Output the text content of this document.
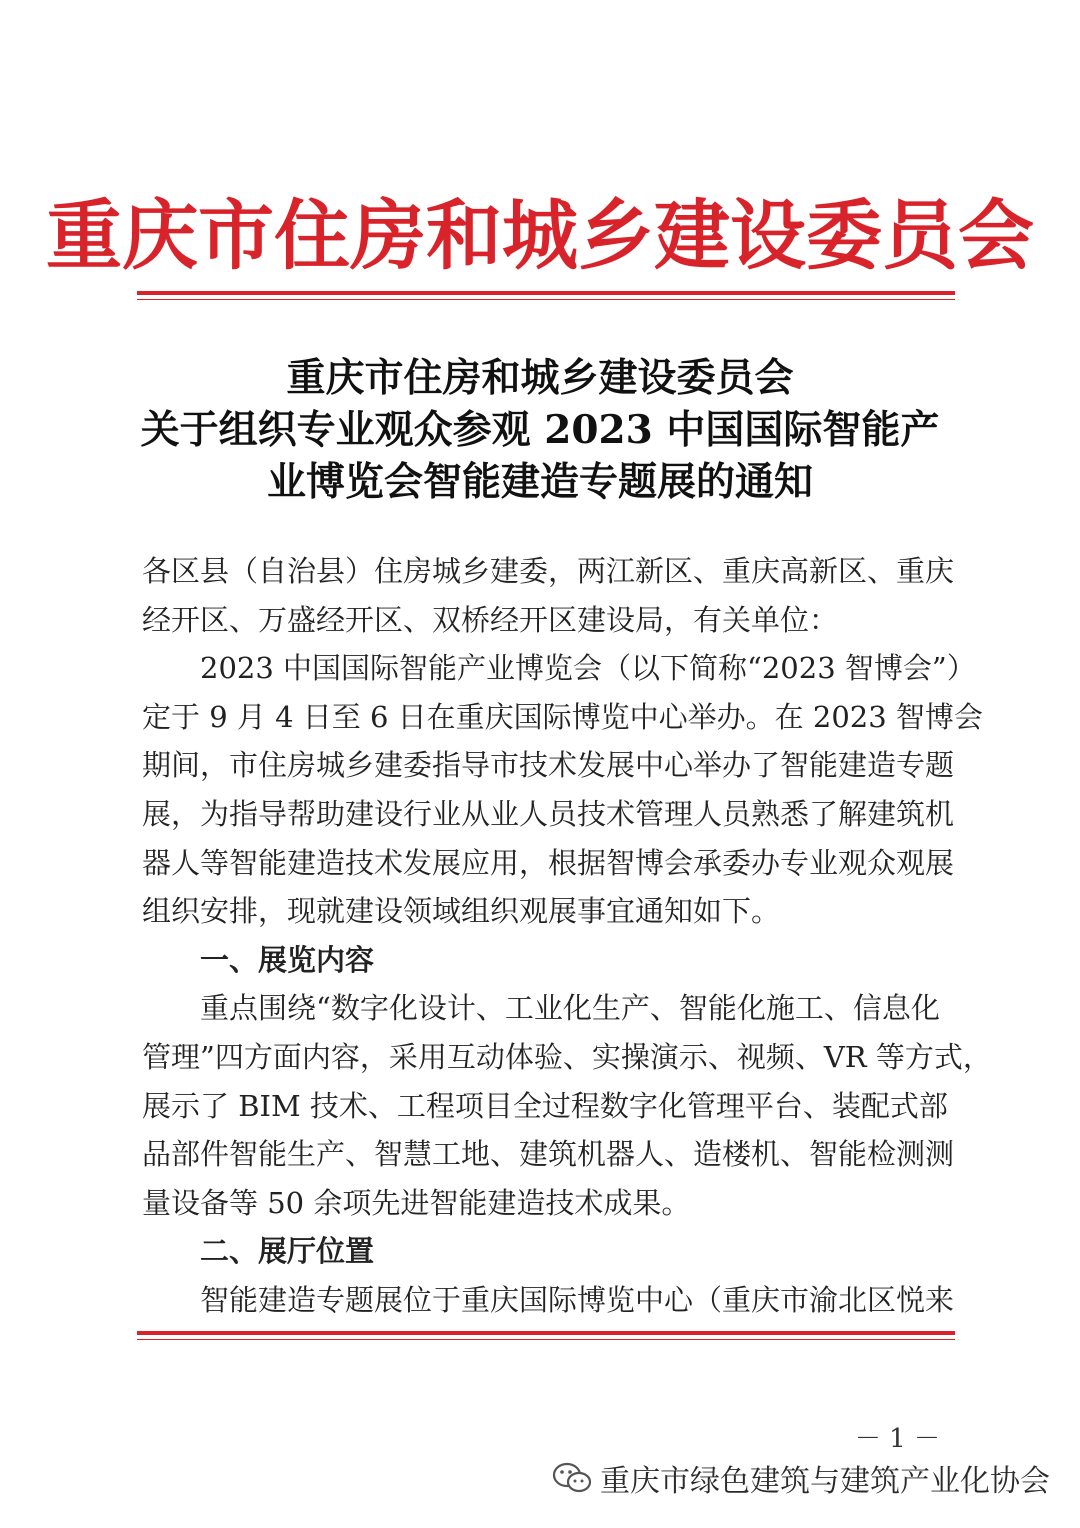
重庆市住房和城乡建设委员会
重庆市住房和城乡建设委员会
关于组织专业观众参观 2023 中国国际智能产
业博览会智能建造专题展的通知
各区县（自治县）住房城乡建委，两江新区、重庆高新区、重庆
经开区、万盛经开区、双桥经开区建设局，有关单位：
2023 中国国际智能产业博览会（以下简称“2023 智博会”）
定于 9 月 4 日至 6 日在重庆国际博览中心举办。在 2023 智博会
期间，市住房城乡建委指导市技术发展中心举办了智能建造专题
展，为指导帮助建设行业从业人员技术管理人员熟悉了解建筑机
器人等智能建造技术发展应用，根据智博会承委办专业观众观展
组织安排，现就建设领域组织观展事宜通知如下。
一、展览内容
重点围绕“数字化设计、工业化生产、智能化施工、信息化
管理”四方面内容，采用互动体验、实操演示、视频、VR 等方式，
展示了 BIM 技术、工程项目全过程数字化管理平台、装配式部
品部件智能生产、智慧工地、建筑机器人、造楼机、智能检测测
量设备等 50 余项先进智能建造技术成果。
二、展厅位置
智能建造专题展位于重庆国际博览中心（重庆市渝北区悦来
－ 1 －
重庆市绿色建筑与建筑产业化协会
